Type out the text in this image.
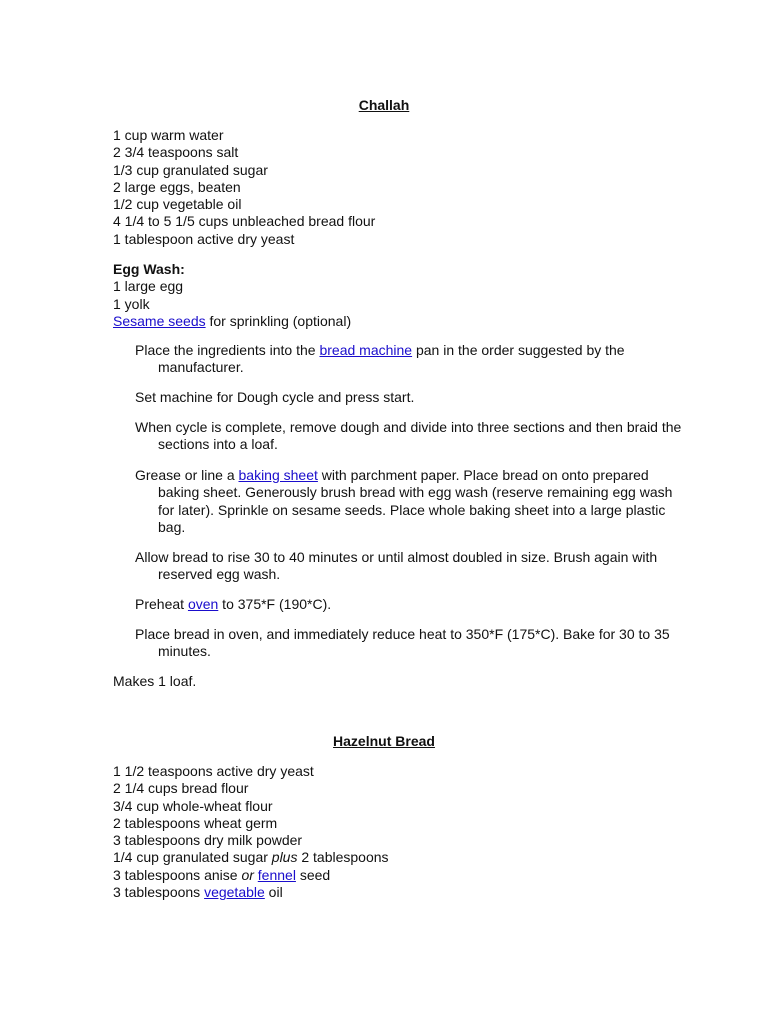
Challah
1 cup warm water
2 3/4 teaspoons salt
1/3 cup granulated sugar
2 large eggs, beaten
1/2 cup vegetable oil
4 1/4 to 5 1/5 cups unbleached bread flour
1 tablespoon active dry yeast
Egg Wash:
1 large egg
1 yolk
Sesame seeds for sprinkling (optional)
Place the ingredients into the bread machine pan in the order suggested by the manufacturer.
Set machine for Dough cycle and press start.
When cycle is complete, remove dough and divide into three sections and then braid the sections into a loaf.
Grease or line a baking sheet with parchment paper. Place bread on onto prepared baking sheet. Generously brush bread with egg wash (reserve remaining egg wash for later). Sprinkle on sesame seeds. Place whole baking sheet into a large plastic bag.
Allow bread to rise 30 to 40 minutes or until almost doubled in size. Brush again with reserved egg wash.
Preheat oven to 375*F (190*C).
Place bread in oven, and immediately reduce heat to 350*F (175*C). Bake for 30 to 35 minutes.
Makes 1 loaf.
Hazelnut Bread
1 1/2 teaspoons active dry yeast
2 1/4 cups bread flour
3/4 cup whole-wheat flour
2 tablespoons wheat germ
3 tablespoons dry milk powder
1/4 cup granulated sugar plus 2 tablespoons
3 tablespoons anise or fennel seed
3 tablespoons vegetable oil
